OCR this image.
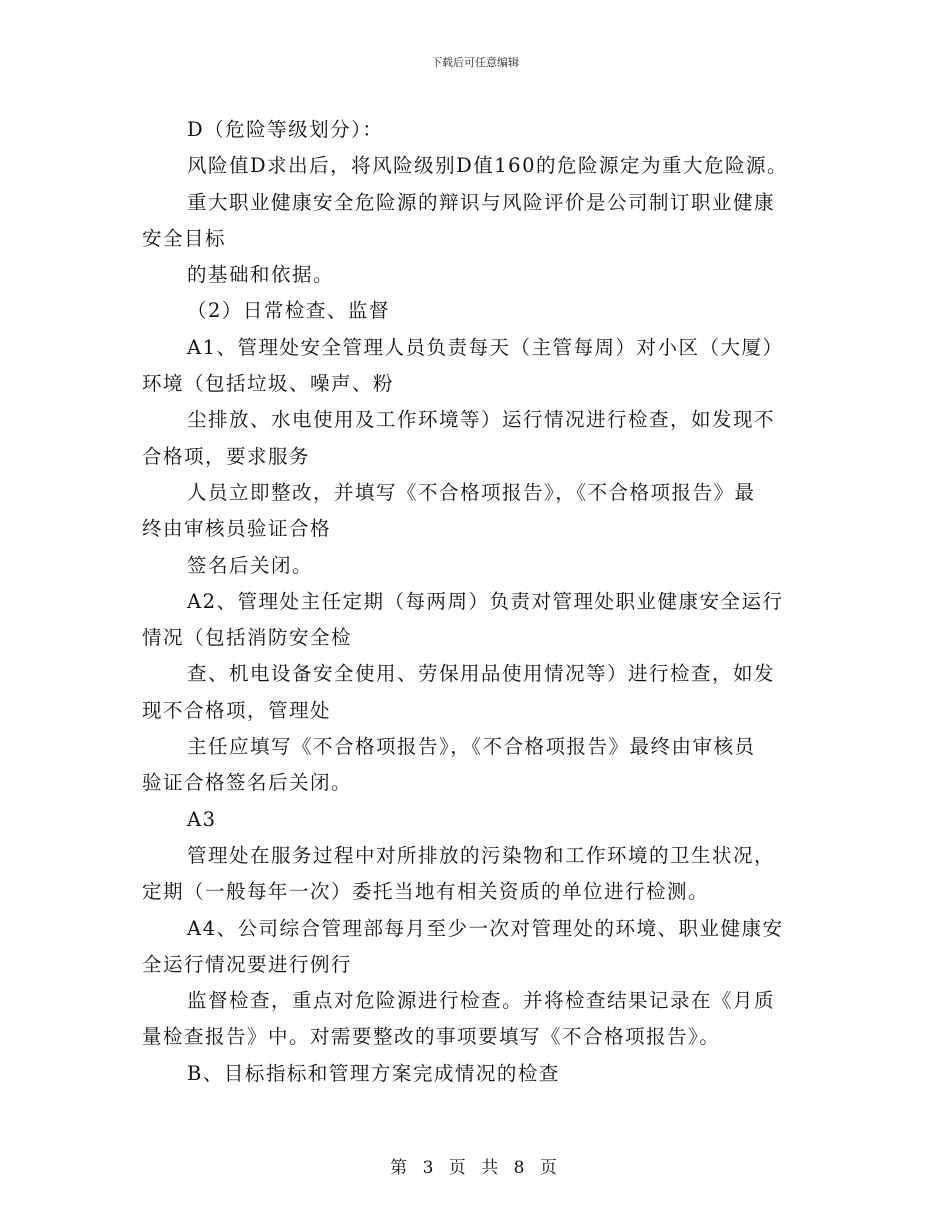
下载后可任意编辑
D（危险等级划分）：
风险值D求出后，将风险级别D值160的危险源定为重大危险源。
重大职业健康安全危险源的辩识与风险评价是公司制订职业健康
安全目标
的基础和依据。
（2）日常检查、监督
A1、管理处安全管理人员负责每天（主管每周）对小区（大厦）
环境（包括垃圾、噪声、粉
尘排放、水电使用及工作环境等）运行情况进行检查，如发现不
合格项，要求服务
人员立即整改，并填写《不合格项报告》，《不合格项报告》最
终由审核员验证合格
签名后关闭。
A2、管理处主任定期（每两周）负责对管理处职业健康安全运行
情况（包括消防安全检
查、机电设备安全使用、劳保用品使用情况等）进行检查，如发
现不合格项，管理处
主任应填写《不合格项报告》，《不合格项报告》最终由审核员
验证合格签名后关闭。
A3
管理处在服务过程中对所排放的污染物和工作环境的卫生状况，
定期（一般每年一次）委托当地有相关资质的单位进行检测。
A4、公司综合管理部每月至少一次对管理处的环境、职业健康安
全运行情况要进行例行
监督检查，重点对危险源进行检查。并将检查结果记录在《月质
量检查报告》中。对需要整改的事项要填写《不合格项报告》。
B、目标指标和管理方案完成情况的检查
第 3 页 共 8 页
